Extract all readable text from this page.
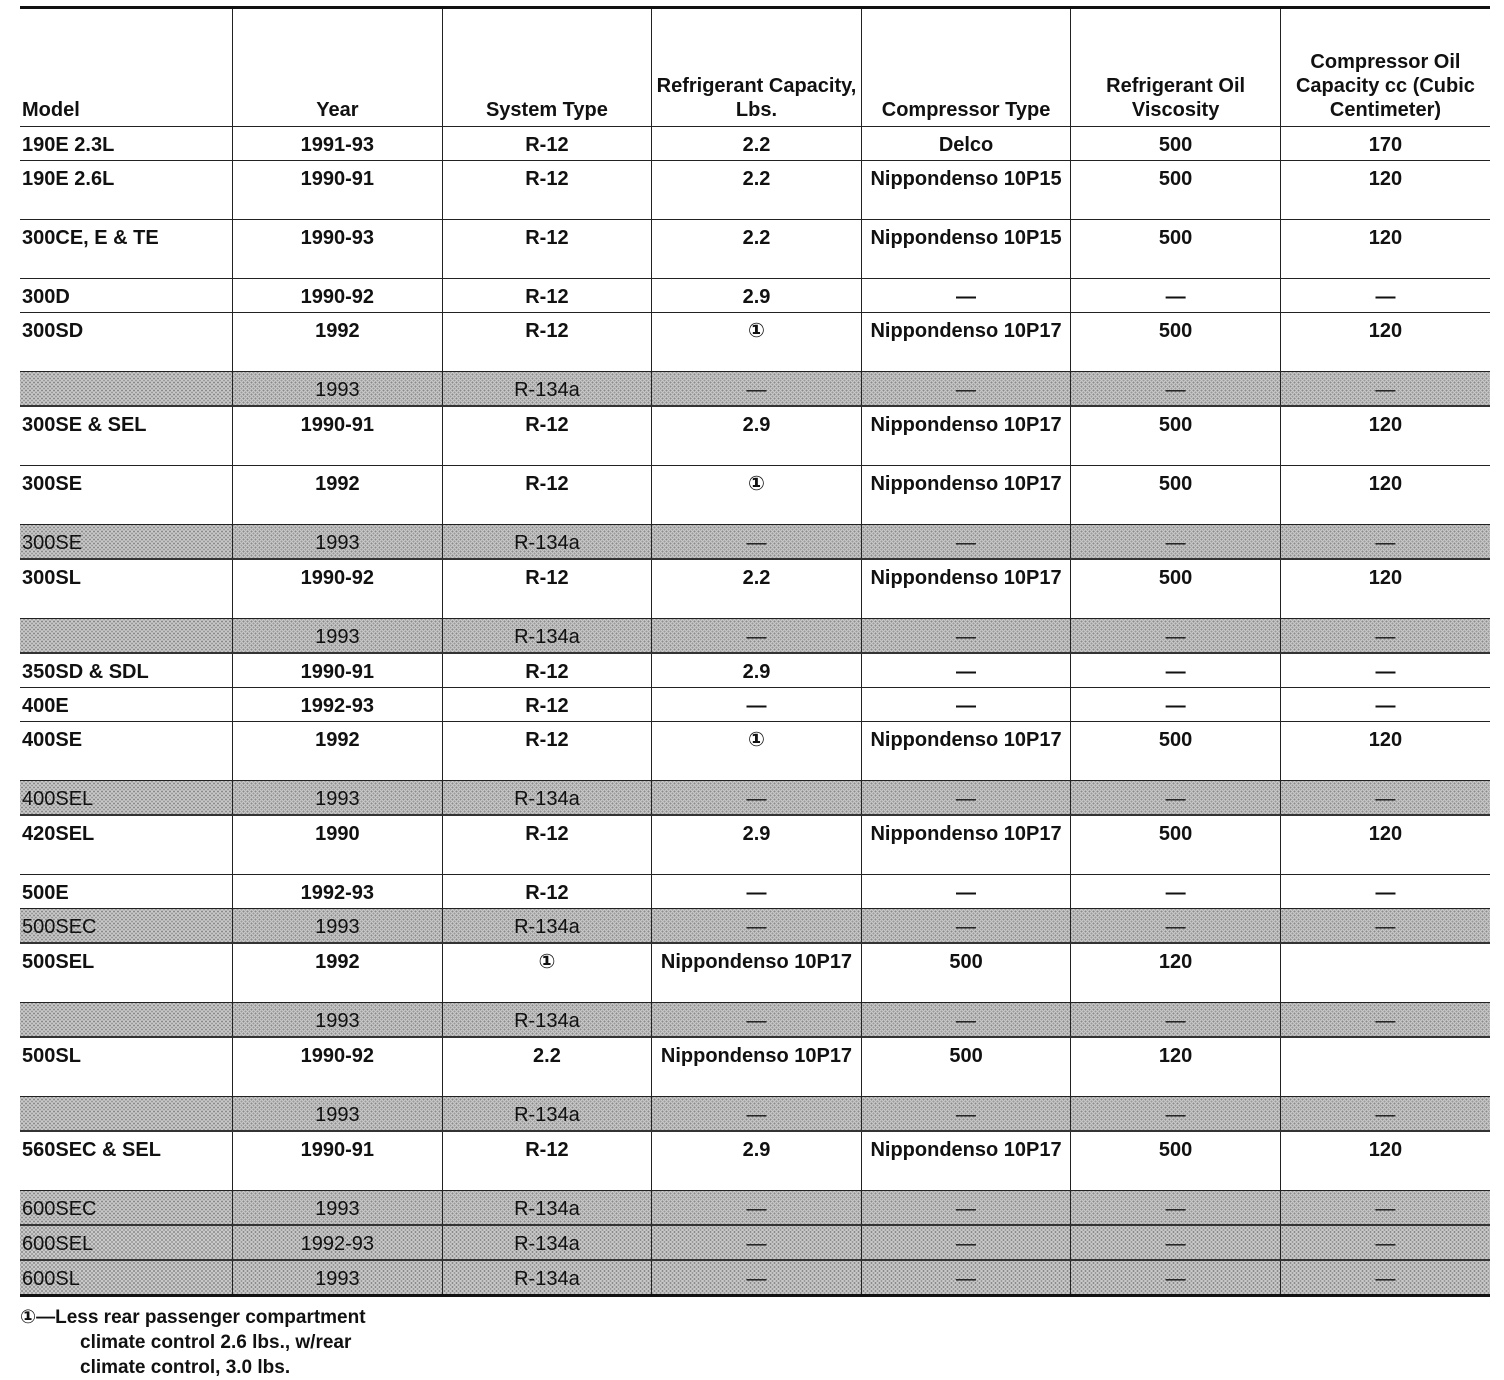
Model	Year	System Type	Refrigerant Capacity, Lbs.	Compressor Type	Refrigerant Oil Viscosity	Compressor Oil Capacity cc (Cubic Centimeter)
190E 2.3L	1991-93	R-12	2.2	Delco	500	170
190E 2.6L	1990-91	R-12	2.2	Nippondenso 10P15	500	120
300CE, E & TE	1990-93	R-12	2.2	Nippondenso 10P15	500	120
300D	1990-92	R-12	2.9	—	—	—
300SD	1992	R-12	①	Nippondenso 10P17	500	120
	1993	R-134a	—	—	—	—
300SE & SEL	1990-91	R-12	2.9	Nippondenso 10P17	500	120
300SE	1992	R-12	①	Nippondenso 10P17	500	120
300SE	1993	R-134a	—	—	—	—
300SL	1990-92	R-12	2.2	Nippondenso 10P17	500	120
	1993	R-134a	—	—	—	—
350SD & SDL	1990-91	R-12	2.9	—	—	—
400E	1992-93	R-12	—	—	—	—
400SE	1992	R-12	①	Nippondenso 10P17	500	120
400SEL	1993	R-134a	—	—	—	—
420SEL	1990	R-12	2.9	Nippondenso 10P17	500	120
500E	1992-93	R-12	—	—	—	—
500SEC	1993	R-134a	—	—	—	—
500SEL	1992	①	Nippondenso 10P17	500	120	
	1993	R-134a	—	—	—	—
500SL	1990-92	2.2	Nippondenso 10P17	500	120	
	1993	R-134a	—	—	—	—
560SEC & SEL	1990-91	R-12	2.9	Nippondenso 10P17	500	120
600SEC	1993	R-134a	—	—	—	—
600SEL	1992-93	R-134a	—	—	—	—
600SL	1993	R-134a	—	—	—	—
①—Less rear passenger compartment
climate control 2.6 lbs., w/rear
climate control, 3.0 lbs.
